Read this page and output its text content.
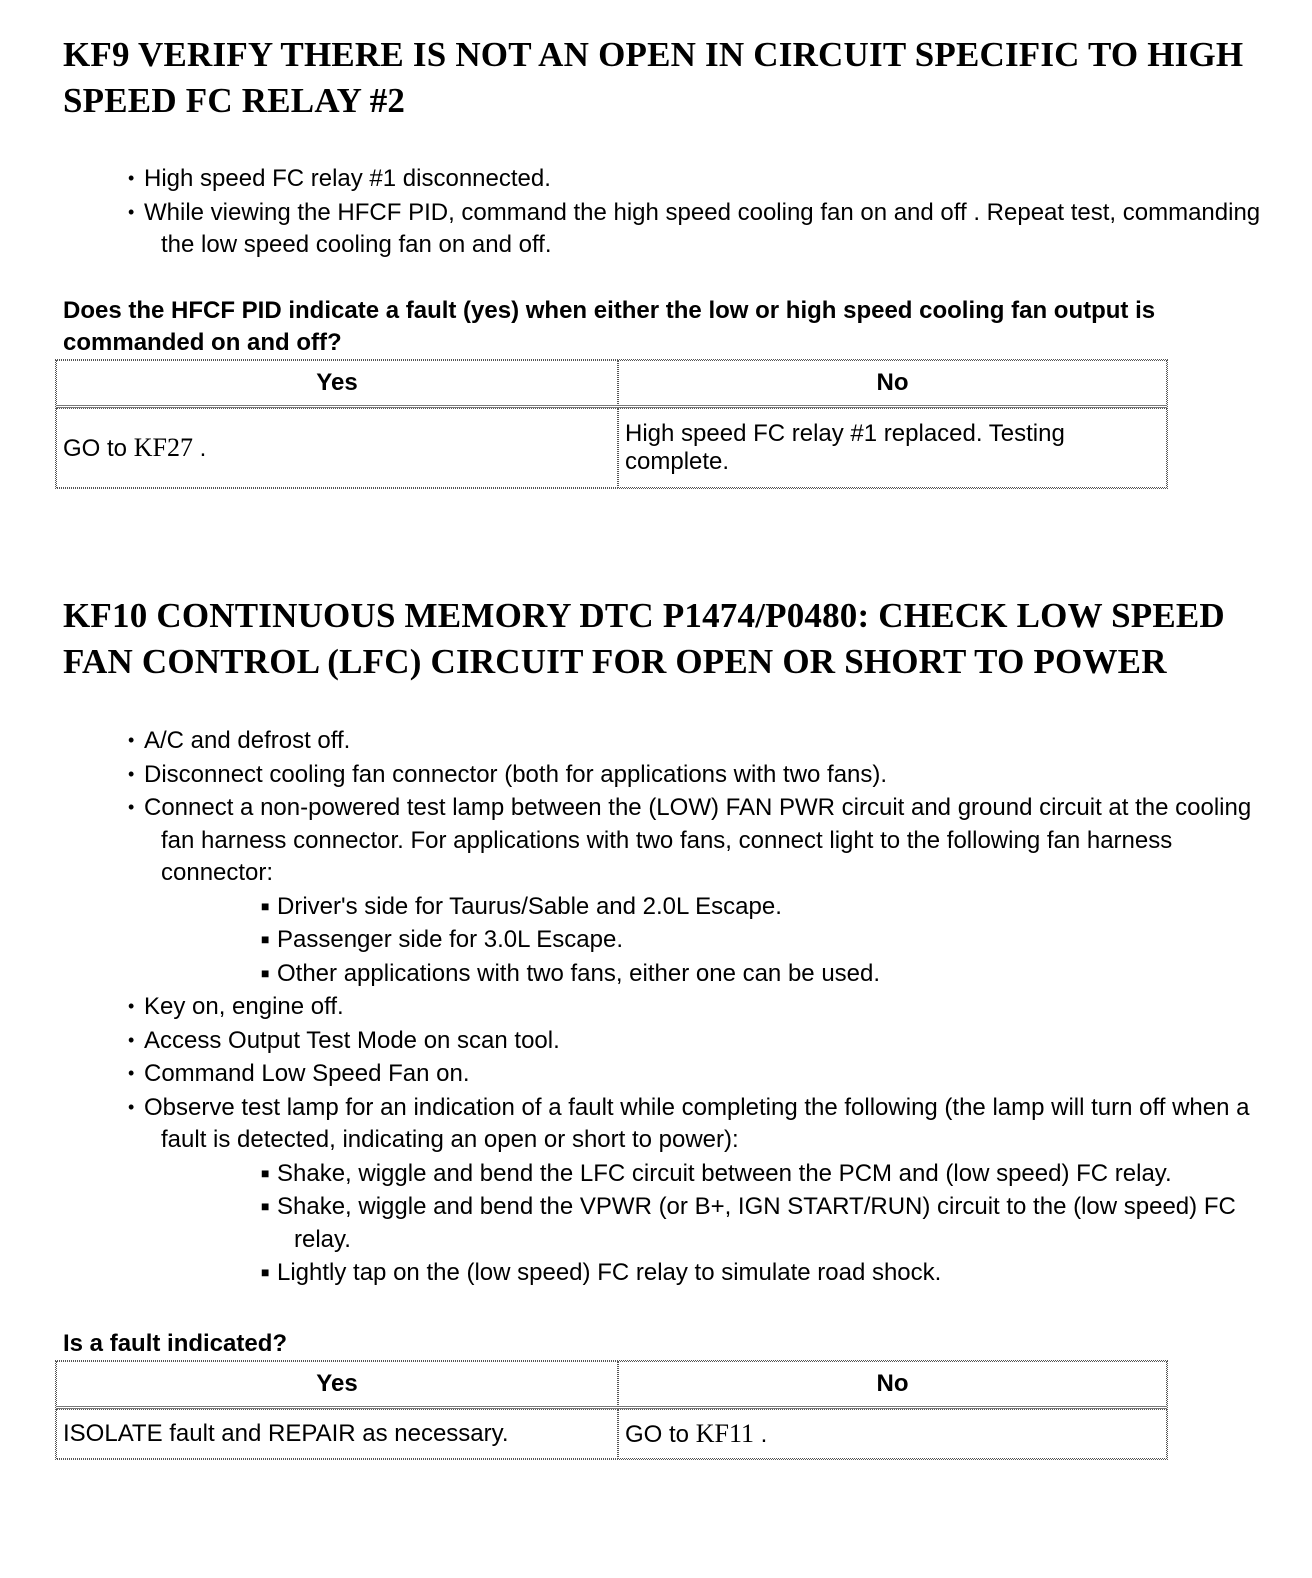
KF9 VERIFY THERE IS NOT AN OPEN IN CIRCUIT SPECIFIC TO HIGH SPEED FC RELAY #2
• High speed FC relay #1 disconnected.
• While viewing the HFCF PID, command the high speed cooling fan on and off . Repeat test, commanding the low speed cooling fan on and off.

Does the HFCF PID indicate a fault (yes) when either the low or high speed cooling fan output is commanded on and off?

Yes	No
GO to KF27 .	High speed FC relay #1 replaced. Testing complete.
KF10 CONTINUOUS MEMORY DTC P1474/P0480: CHECK LOW SPEED FAN CONTROL (LFC) CIRCUIT FOR OPEN OR SHORT TO POWER
• A/C and defrost off.
• Disconnect cooling fan connector (both for applications with two fans).
• Connect a non-powered test lamp between the (LOW) FAN PWR circuit and ground circuit at the cooling fan harness connector. For applications with two fans, connect light to the following fan harness connector:
■ Driver's side for Taurus/Sable and 2.0L Escape.
■ Passenger side for 3.0L Escape.
■ Other applications with two fans, either one can be used.
• Key on, engine off.
• Access Output Test Mode on scan tool.
• Command Low Speed Fan on.
• Observe test lamp for an indication of a fault while completing the following (the lamp will turn off when a fault is detected, indicating an open or short to power):
■ Shake, wiggle and bend the LFC circuit between the PCM and (low speed) FC relay.
■ Shake, wiggle and bend the VPWR (or B+, IGN START/RUN) circuit to the (low speed) FC relay.
■ Lightly tap on the (low speed) FC relay to simulate road shock.

Is a fault indicated?

Yes	No
ISOLATE fault and REPAIR as necessary.	GO to KF11 .
